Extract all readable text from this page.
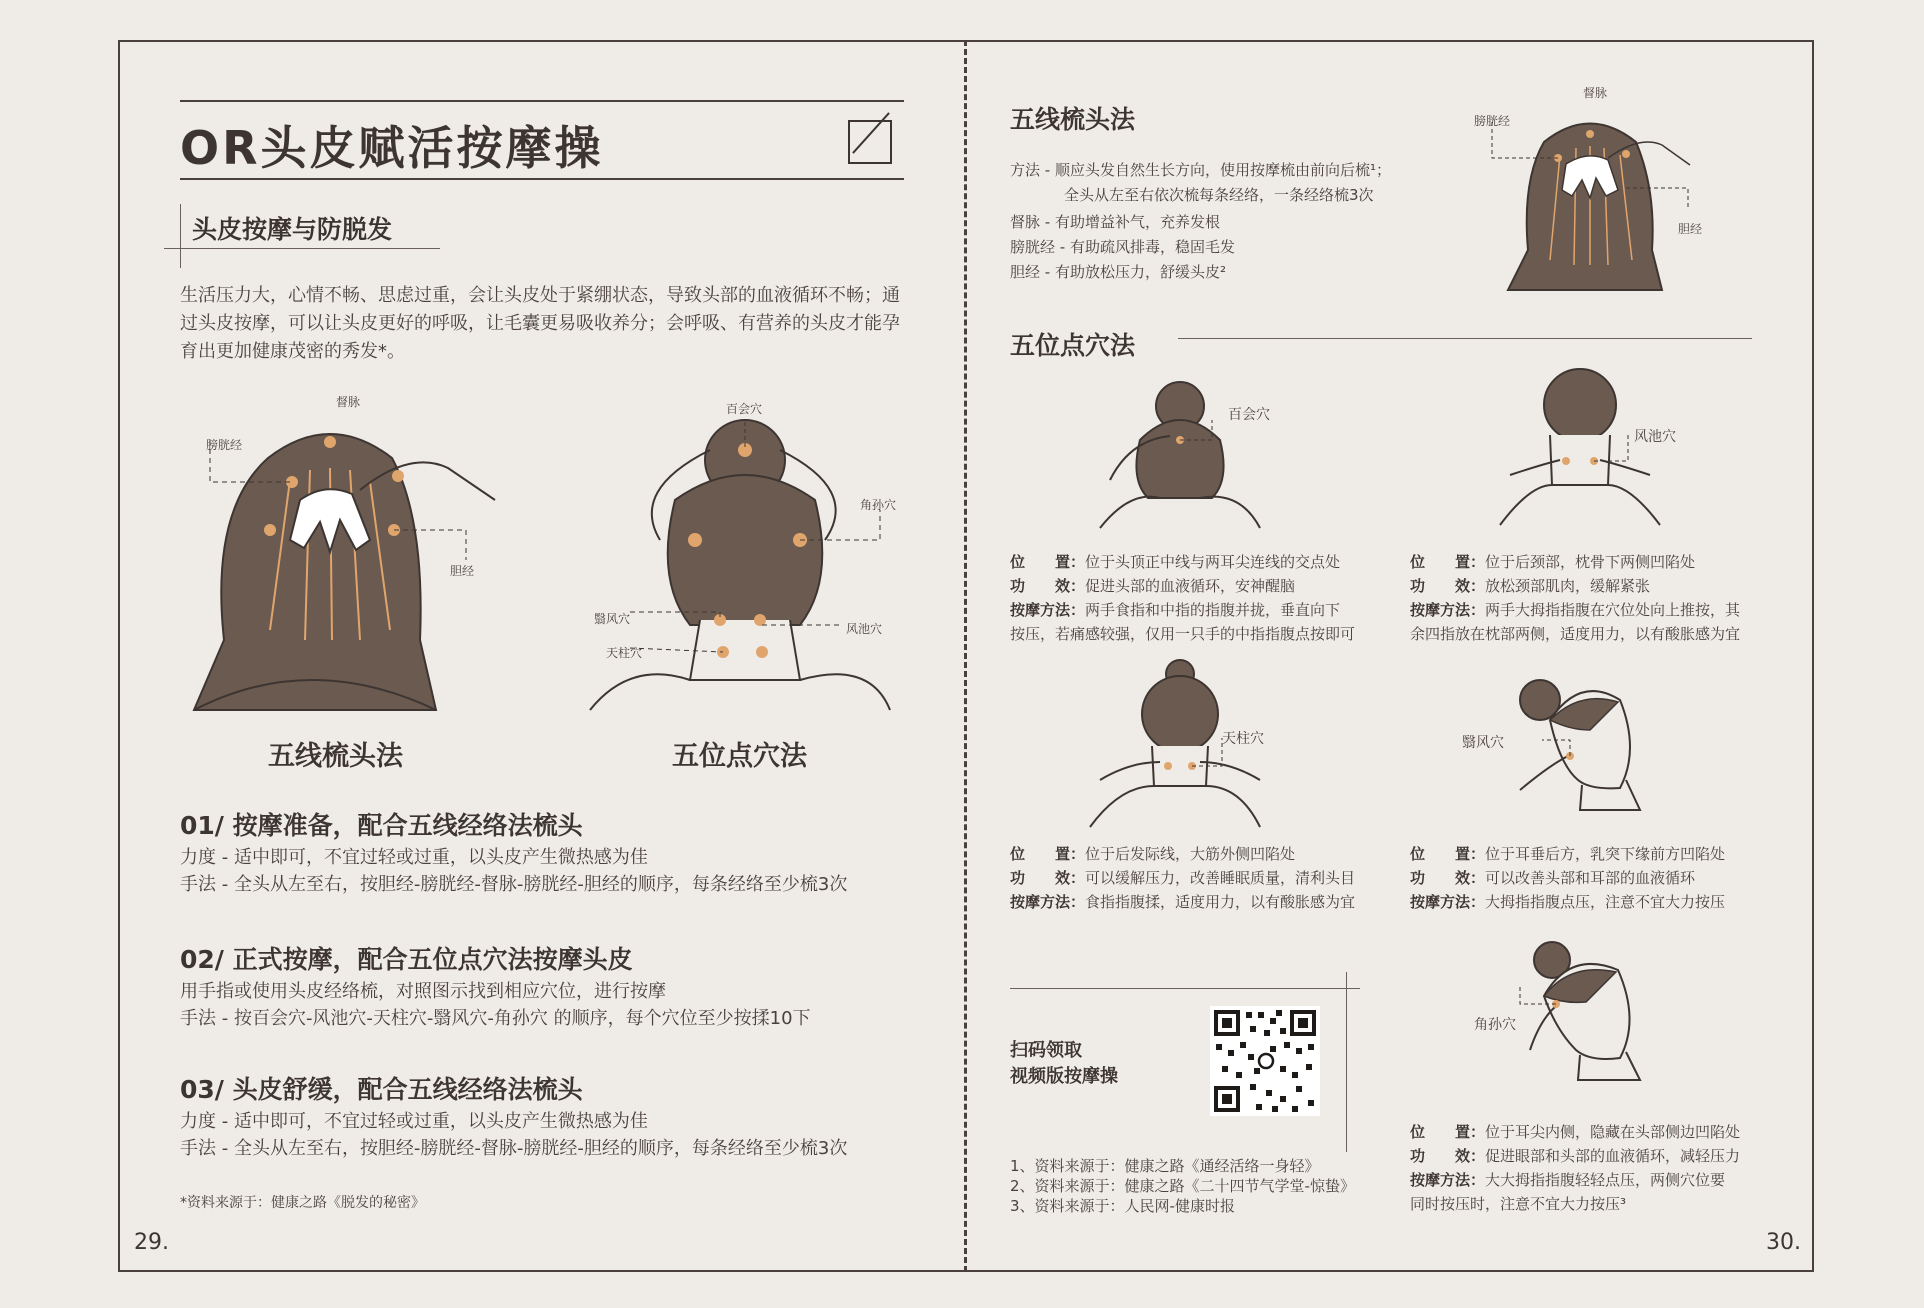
OR头皮赋活按摩操
头皮按摩与防脱发
生活压力大，心情不畅、思虑过重，会让头皮处于紧绷状态，导致头部的血液循环不畅；通过头皮按摩，可以让头皮更好的呼吸，让毛囊更易吸收养分；会呼吸、有营养的头皮才能孕育出更加健康茂密的秀发*。
督脉
膀胱经
胆经
五线梳头法
百会穴
角孙穴
翳风穴
天柱穴
风池穴
五位点穴法
01/ 按摩准备，配合五线经络法梳头
力度 - 适中即可，不宜过轻或过重，以头皮产生微热感为佳
手法 - 全头从左至右，按胆经-膀胱经-督脉-膀胱经-胆经的顺序，每条经络至少梳3次
02/ 正式按摩，配合五位点穴法按摩头皮
用手指或使用头皮经络梳，对照图示找到相应穴位，进行按摩
手法 - 按百会穴-风池穴-天柱穴-翳风穴-角孙穴 的顺序，每个穴位至少按揉10下
03/ 头皮舒缓，配合五线经络法梳头
力度 - 适中即可，不宜过轻或过重，以头皮产生微热感为佳
手法 - 全头从左至右，按胆经-膀胱经-督脉-膀胱经-胆经的顺序，每条经络至少梳3次
*资料来源于：健康之路《脱发的秘密》
29.
五线梳头法
方法 - 顺应头发自然生长方向，使用按摩梳由前向后梳¹；
全头从左至右依次梳每条经络，一条经络梳3次
督脉 - 有助增益补气，充养发根
膀胱经 - 有助疏风排毒，稳固毛发
胆经 - 有助放松压力，舒缓头皮²
督脉
膀胱经
胆经
五位点穴法
百会穴
位　　置：位于头顶正中线与两耳尖连线的交点处
功　　效：促进头部的血液循环，安神醒脑
按摩方法：两手食指和中指的指腹并拢，垂直向下
按压，若痛感较强，仅用一只手的中指指腹点按即可
风池穴
位　　置：位于后颈部，枕骨下两侧凹陷处
功　　效：放松颈部肌肉，缓解紧张
按摩方法：两手大拇指指腹在穴位处向上推按，其
余四指放在枕部两侧，适度用力，以有酸胀感为宜
天柱穴
位　　置：位于后发际线，大筋外侧凹陷处
功　　效：可以缓解压力，改善睡眠质量，清利头目
按摩方法：食指指腹揉，适度用力，以有酸胀感为宜
翳风穴
位　　置：位于耳垂后方，乳突下缘前方凹陷处
功　　效：可以改善头部和耳部的血液循环
按摩方法：大拇指指腹点压，注意不宜大力按压
扫码领取
视频版按摩操
1、资料来源于：健康之路《通经活络一身轻》
2、资料来源于：健康之路《二十四节气学堂-惊蛰》
3、资料来源于：人民网-健康时报
角孙穴
位　　置：位于耳尖内侧，隐藏在头部侧边凹陷处
功　　效：促进眼部和头部的血液循环，减轻压力
按摩方法：大大拇指指腹轻轻点压，两侧穴位要
同时按压时，注意不宜大力按压³
30.
